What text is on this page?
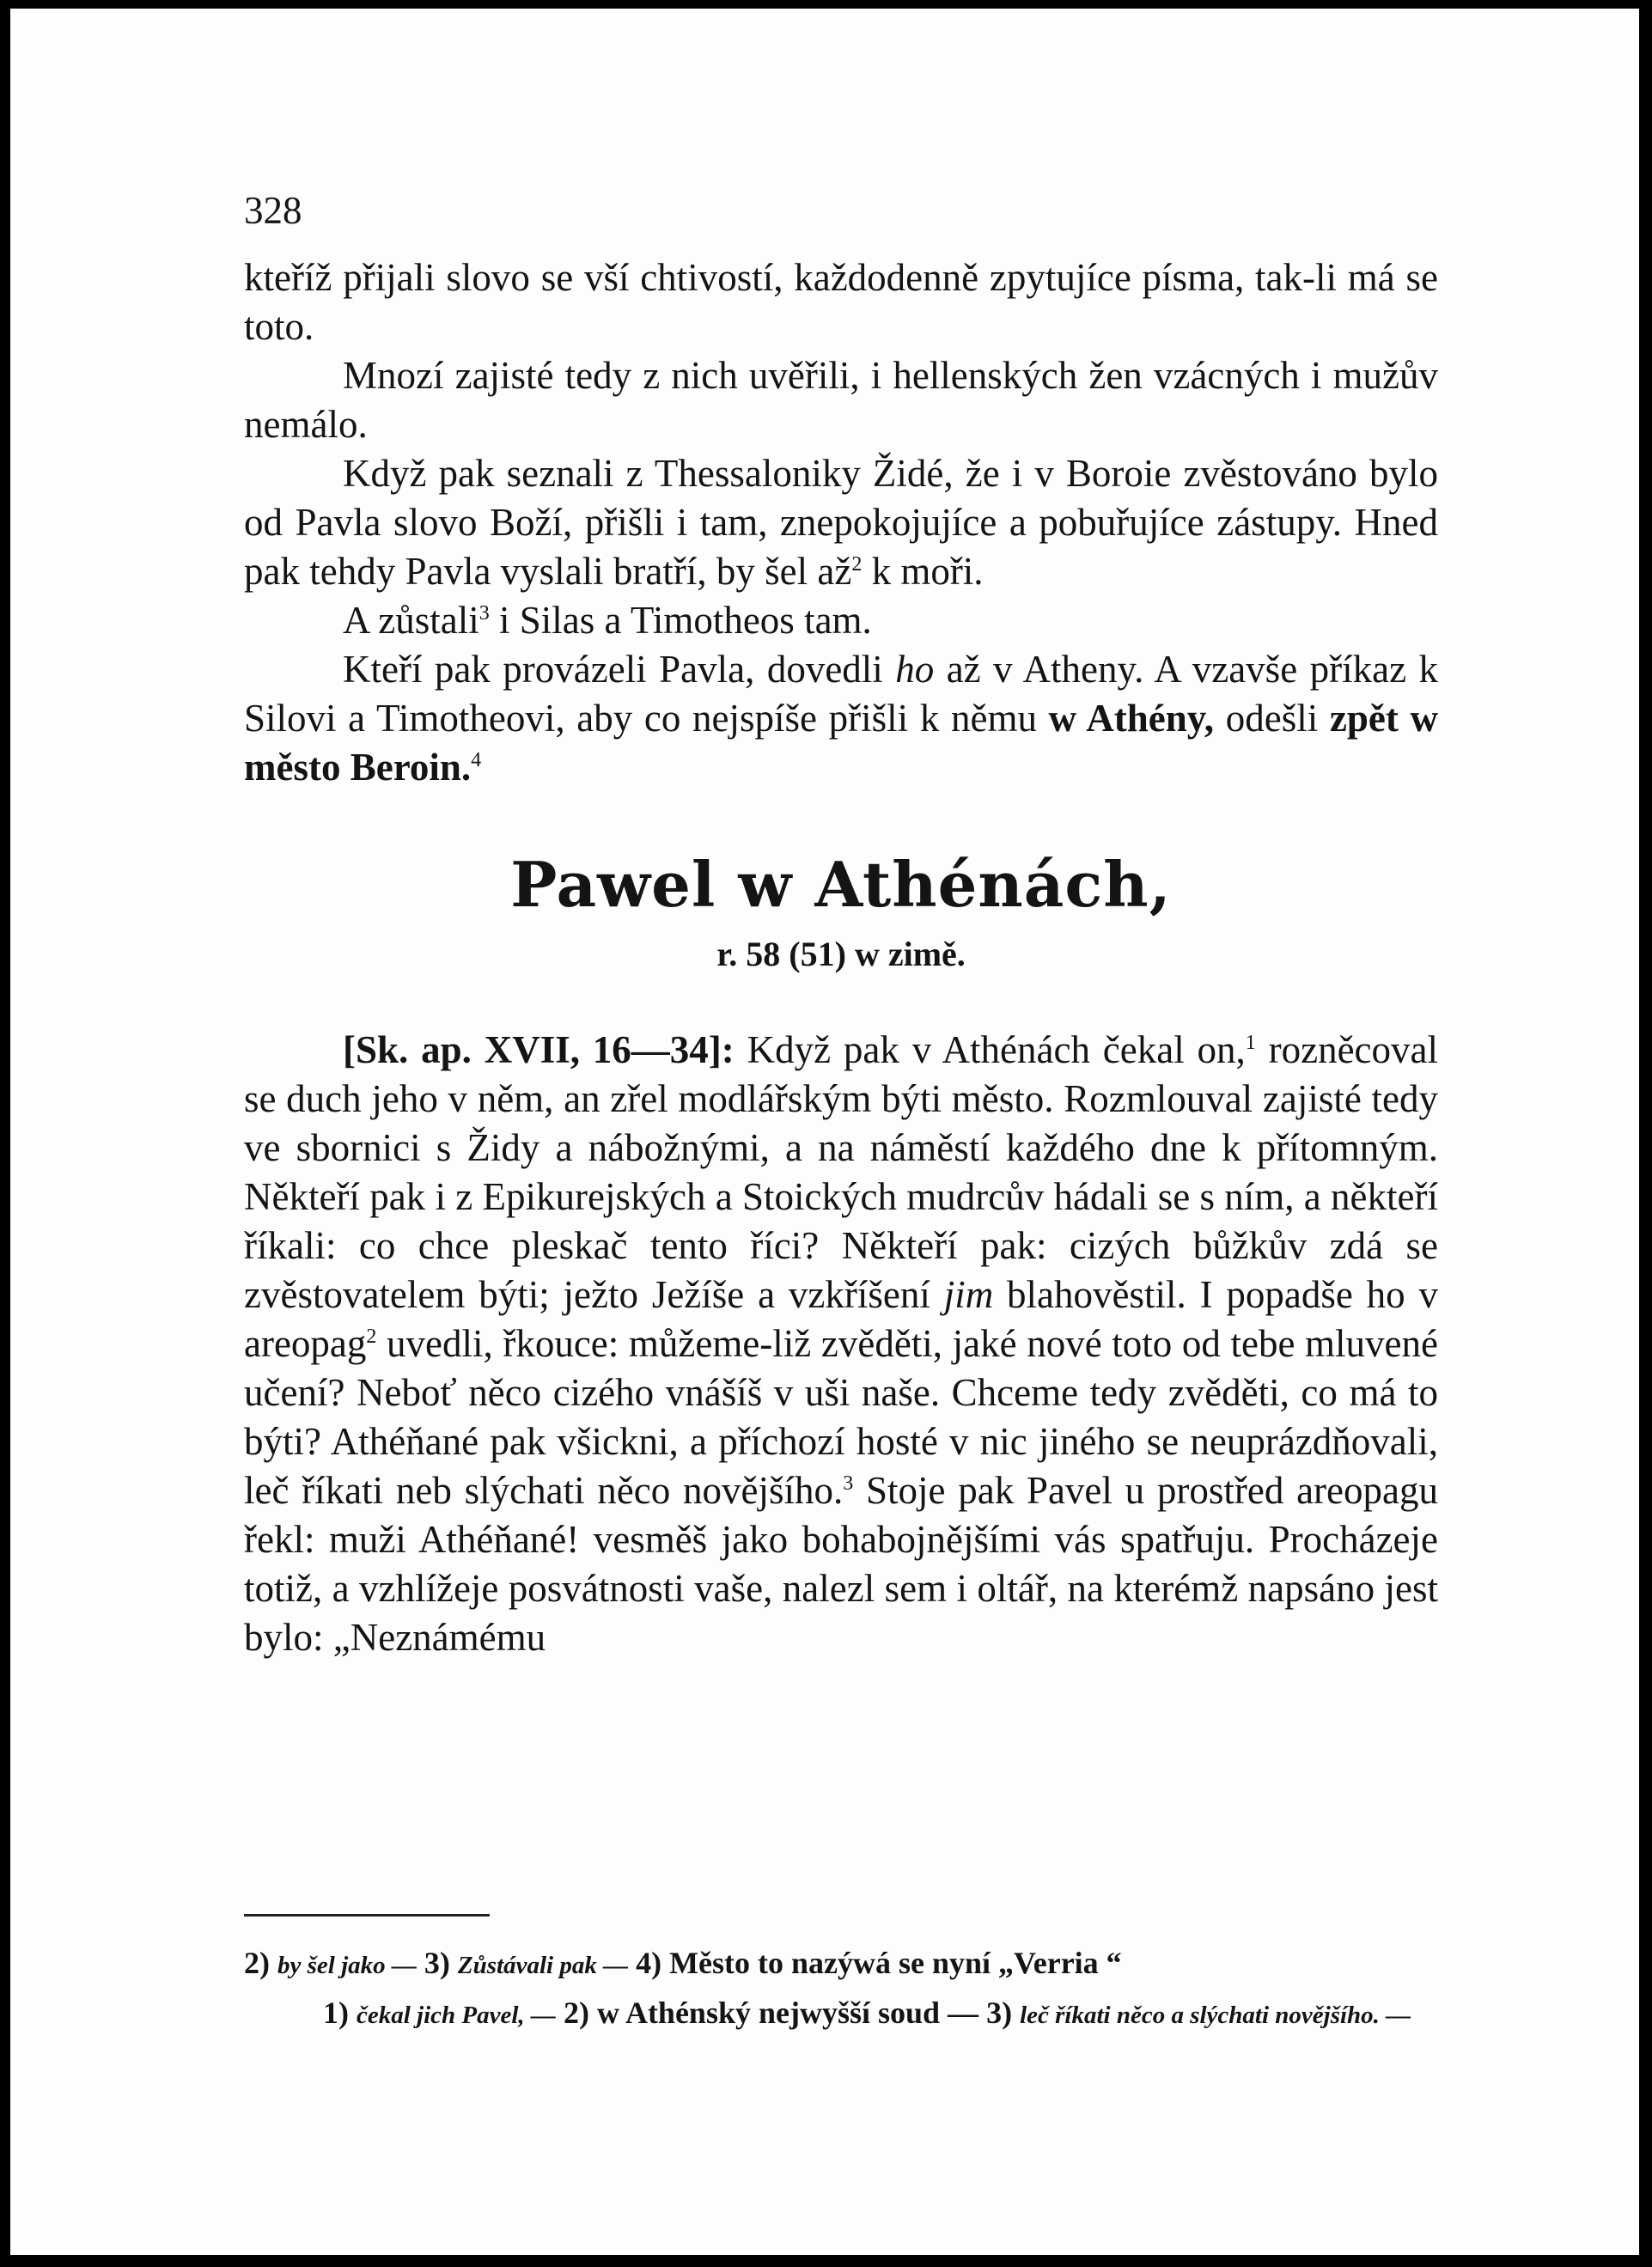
328

kteříž přijali slovo se vší chtivostí, každodenně zpytujíce písma, tak-li má se toto.

Mnozí zajisté tedy z nich uvěřili, i hellenských žen vzácných i mužův nemálo.

Když pak seznali z Thessaloniky Židé, že i v Boroie zvěstováno bylo od Pavla slovo Boží, přišli i tam, znepokojujíce a pobuřujíce zástupy. Hned pak tehdy Pavla vyslali bratří, by šel $až^2$ k moři.

A zůstali$^3$ i Silas a Timotheos tam.

Kteří pak provázeli Pavla, dovedli ho až v Atheny. A vzavše příkaz k Silovi a Timotheovi, aby co nejspíše přišli k němu w Athény, odešli zpět w město Beroin.$^4$

Pawel w Athénách,
r. 58 (51) w zimě.

[Sk. ap. XVII, 16—34]: Když pak v Athénách čekal on,$^1$ rozněcoval se duch jeho v něm, an zřel modlářským býti město. Rozmlouval zajisté tedy ve sbornici s Židy a nábožnými, a na náměstí každého dne k přítomným. Někteří pak i z Epikurejských a Stoických mudrcův hádali se s ním, a někteří říkali: co chce pleskač tento říci? Někteří pak: cizých bůžkův zdá se zvěstovatelem býti; ježto Ježíše a vzkříšení jim blahověstil. I popadše ho v areopag$^2$ uvedli, řkouce: můžeme-liž zvěděti, jaké nové toto od tebe mluvené učení? Neboť něco cizého vnášíš v uši naše. Chceme tedy zvěděti, co má to býti? Athéňané pak všickni, a příchozí hosté v nic jiného se neuprázdňovali, leč říkati neb slýchati něco novějšího.$^3$ Stoje pak Pavel u prostřed areopagu řekl: muži Athéňané! vesměš jako bohabojnějšími vás spatřuju. Procházeje totiž, a vzhlížeje posvátnosti vaše, nalezl sem i oltář, na kterémž napsáno jest bylo: „Neznámému

2) by šel jako — 3) Zůstávali pak — 4) Město to nazýwá se nyní „Verria “

1) čekal jich Pavel, — 2) w Athénský nejwyšší soud — 3) leč říkati něco a slýchati novějšího. —
